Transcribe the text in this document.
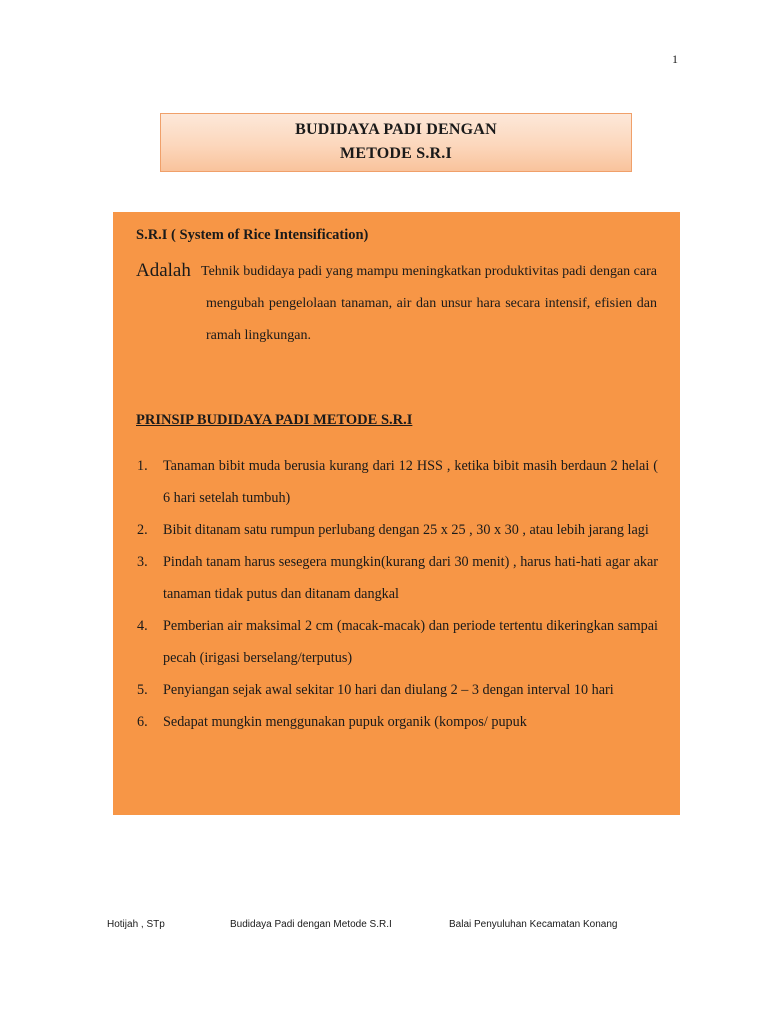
1
BUDIDAYA PADI DENGAN
METODE S.R.I
S.R.I ( System of Rice Intensification)
Adalah Tehnik budidaya padi yang mampu meningkatkan produktivitas padi dengan cara mengubah pengelolaan tanaman, air dan unsur hara secara intensif, efisien dan ramah lingkungan.
PRINSIP BUDIDAYA PADI METODE S.R.I
1. Tanaman bibit muda berusia kurang dari 12 HSS , ketika bibit masih berdaun 2 helai ( 6 hari setelah tumbuh)
2. Bibit ditanam satu rumpun perlubang dengan 25 x 25 , 30 x 30 , atau lebih jarang lagi
3. Pindah tanam harus sesegera mungkin(kurang dari 30 menit) , harus hati-hati agar akar tanaman tidak putus dan ditanam dangkal
4. Pemberian air maksimal 2 cm (macak-macak) dan periode tertentu dikeringkan sampai pecah (irigasi berselang/terputus)
5. Penyiangan sejak awal sekitar 10 hari dan diulang 2 – 3 dengan interval 10 hari
6. Sedapat mungkin menggunakan pupuk organik (kompos/ pupuk
Hotijah , STp	Budidaya Padi dengan Metode S.R.I	Balai Penyuluhan Kecamatan Konang
